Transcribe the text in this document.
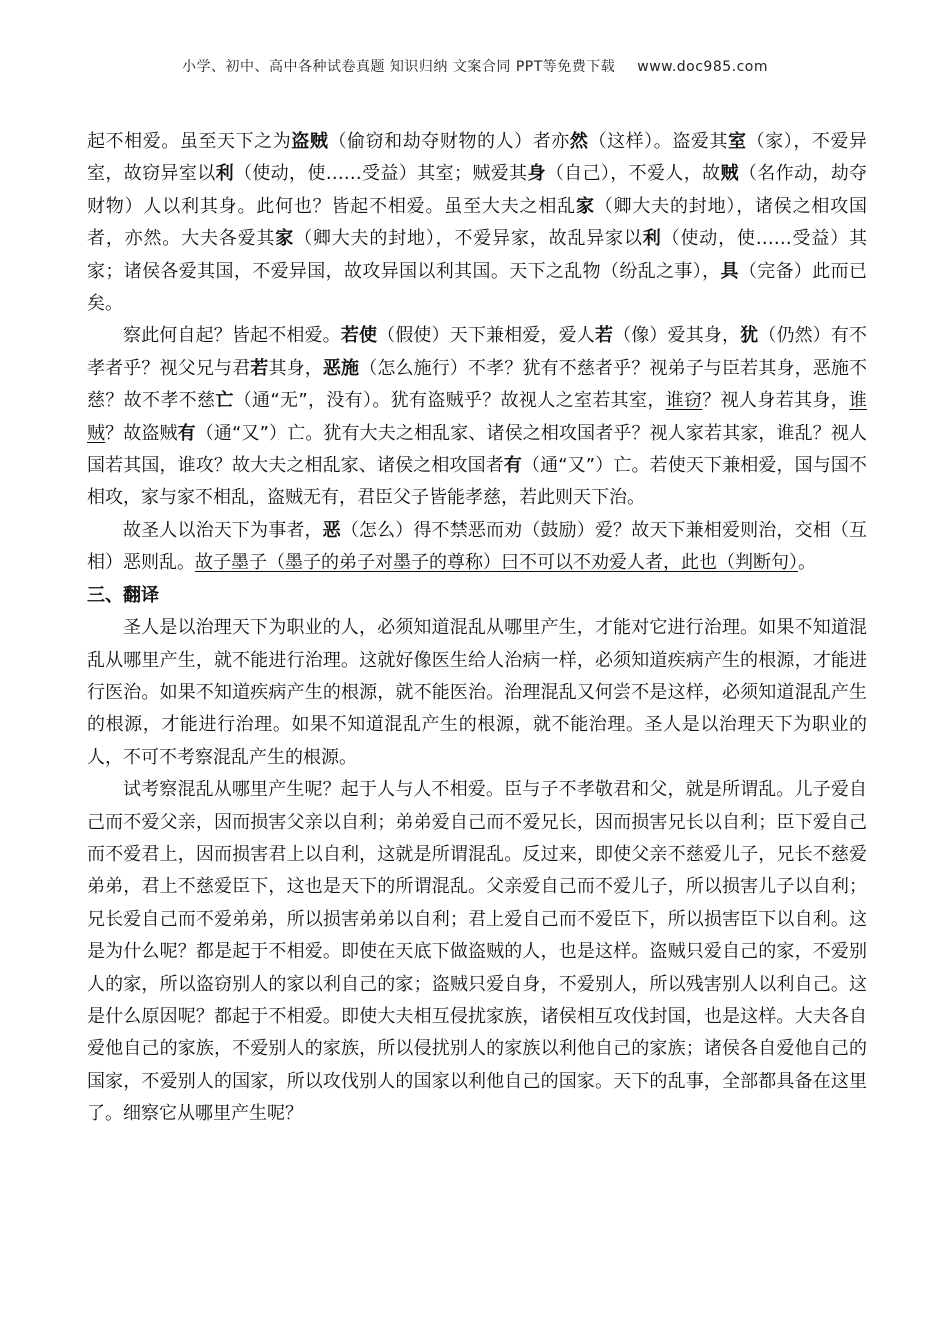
小学、初中、高中各种试卷真题 知识归纳 文案合同 PPT等免费下载 www.doc985.com

起不相爱。虽至天下之为盗贼（偷窃和劫夺财物的人）者亦然（这样）。盗爱其室（家），不爱异室，故窃异室以利（使动，使……受益）其室；贼爱其身（自己），不爱人，故贼（名作动，劫夺财物）人以利其身。此何也？皆起不相爱。虽至大夫之相乱家（卿大夫的封地），诸侯之相攻国者，亦然。大夫各爱其家（卿大夫的封地），不爱异家，故乱异家以利（使动，使……受益）其家；诸侯各爱其国，不爱异国，故攻异国以利其国。天下之乱物（纷乱之事），具（完备）此而已矣。

察此何自起？皆起不相爱。若使（假使）天下兼相爱，爱人若（像）爱其身，犹（仍然）有不孝者乎？视父兄与君若其身，恶施（怎么施行）不孝？犹有不慈者乎？视弟子与臣若其身，恶施不慈？故不孝不慈亡（通“无”，没有）。犹有盗贼乎？故视人之室若其室，谁窃？视人身若其身，谁贼？故盗贼有（通“又”）亡。犹有大夫之相乱家、诸侯之相攻国者乎？视人家若其家，谁乱？视人国若其国，谁攻？故大夫之相乱家、诸侯之相攻国者有（通“又”）亡。若使天下兼相爱，国与国不相攻，家与家不相乱，盗贼无有，君臣父子皆能孝慈，若此则天下治。

故圣人以治天下为事者，恶（怎么）得不禁恶而劝（鼓励）爱？故天下兼相爱则治，交相（互相）恶则乱。故子墨子（墨子的弟子对墨子的尊称）曰不可以不劝爱人者，此也（判断句）。

三、翻译

圣人是以治理天下为职业的人，必须知道混乱从哪里产生，才能对它进行治理。如果不知道混乱从哪里产生，就不能进行治理。这就好像医生给人治病一样，必须知道疾病产生的根源，才能进行医治。如果不知道疾病产生的根源，就不能医治。治理混乱又何尝不是这样，必须知道混乱产生的根源，才能进行治理。如果不知道混乱产生的根源，就不能治理。圣人是以治理天下为职业的人，不可不考察混乱产生的根源。

试考察混乱从哪里产生呢？起于人与人不相爱。臣与子不孝敬君和父，就是所谓乱。儿子爱自己而不爱父亲，因而损害父亲以自利；弟弟爱自己而不爱兄长，因而损害兄长以自利；臣下爱自己而不爱君上，因而损害君上以自利，这就是所谓混乱。反过来，即使父亲不慈爱儿子，兄长不慈爱弟弟，君上不慈爱臣下，这也是天下的所谓混乱。父亲爱自己而不爱儿子，所以损害儿子以自利；兄长爱自己而不爱弟弟，所以损害弟弟以自利；君上爱自己而不爱臣下，所以损害臣下以自利。这是为什么呢？都是起于不相爱。即使在天底下做盗贼的人，也是这样。盗贼只爱自己的家，不爱别人的家，所以盗窃别人的家以利自己的家；盗贼只爱自身，不爱别人，所以残害别人以利自己。这是什么原因呢？都起于不相爱。即使大夫相互侵扰家族，诸侯相互攻伐封国，也是这样。大夫各自爱他自己的家族，不爱别人的家族，所以侵扰别人的家族以利他自己的家族；诸侯各自爱他自己的国家，不爱别人的国家，所以攻伐别人的国家以利他自己的国家。天下的乱事，全部都具备在这里了。细察它从哪里产生呢？
